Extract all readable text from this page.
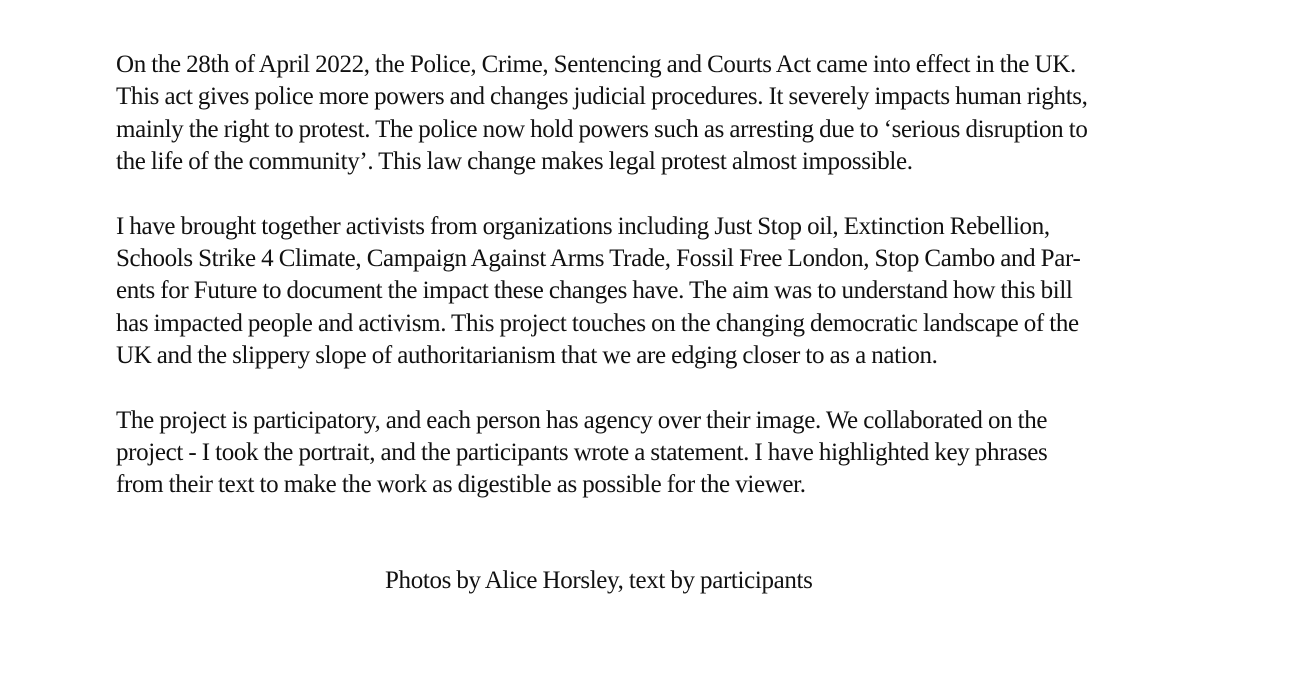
On the 28th of April 2022, the Police, Crime, Sentencing and Courts Act came into effect in the UK.
This act gives police more powers and changes judicial procedures. It severely impacts human rights,
mainly the right to protest. The police now hold powers such as arresting due to ‘serious disruption to
the life of the community’. This law change makes legal protest almost impossible.
I have brought together activists from organizations including Just Stop oil, Extinction Rebellion,
Schools Strike 4 Climate, Campaign Against Arms Trade, Fossil Free London, Stop Cambo and Par-
ents for Future to document the impact these changes have. The aim was to understand how this bill
has impacted people and activism. This project touches on the changing democratic landscape of the
UK and the slippery slope of authoritarianism that we are edging closer to as a nation.
The project is participatory, and each person has agency over their image. We collaborated on the
project - I took the portrait, and the participants wrote a statement. I have highlighted key phrases
from their text to make the work as digestible as possible for the viewer.
Photos by Alice Horsley, text by participants
